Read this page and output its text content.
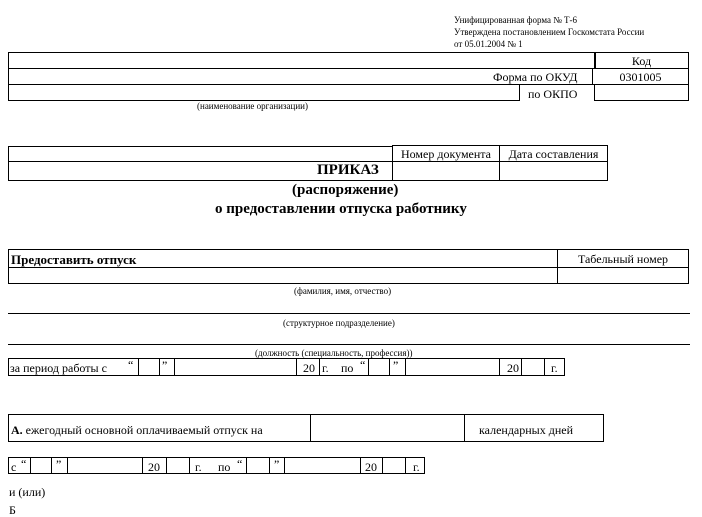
Унифицированная форма № Т-6
Утверждена постановлением Госкомстата России
от 05.01.2004 № 1
Код
Форма по ОКУД	0301005
по ОКПО
(наименование организации)
Номер документа	Дата составления
ПРИКАЗ
(распоряжение)
о предоставлении отпуска работнику
Предоставить отпуск	Табельный номер
(фамилия, имя, отчество)
(структурное подразделение)
(должность (специальность, профессия))
за период работы с “ ”	20 г. по “ ”	20	г.
А. ежегодный основной оплачиваемый отпуск на	календарных дней
с “ ”	20	г. по “	”	20	г.
и (или)
Б
